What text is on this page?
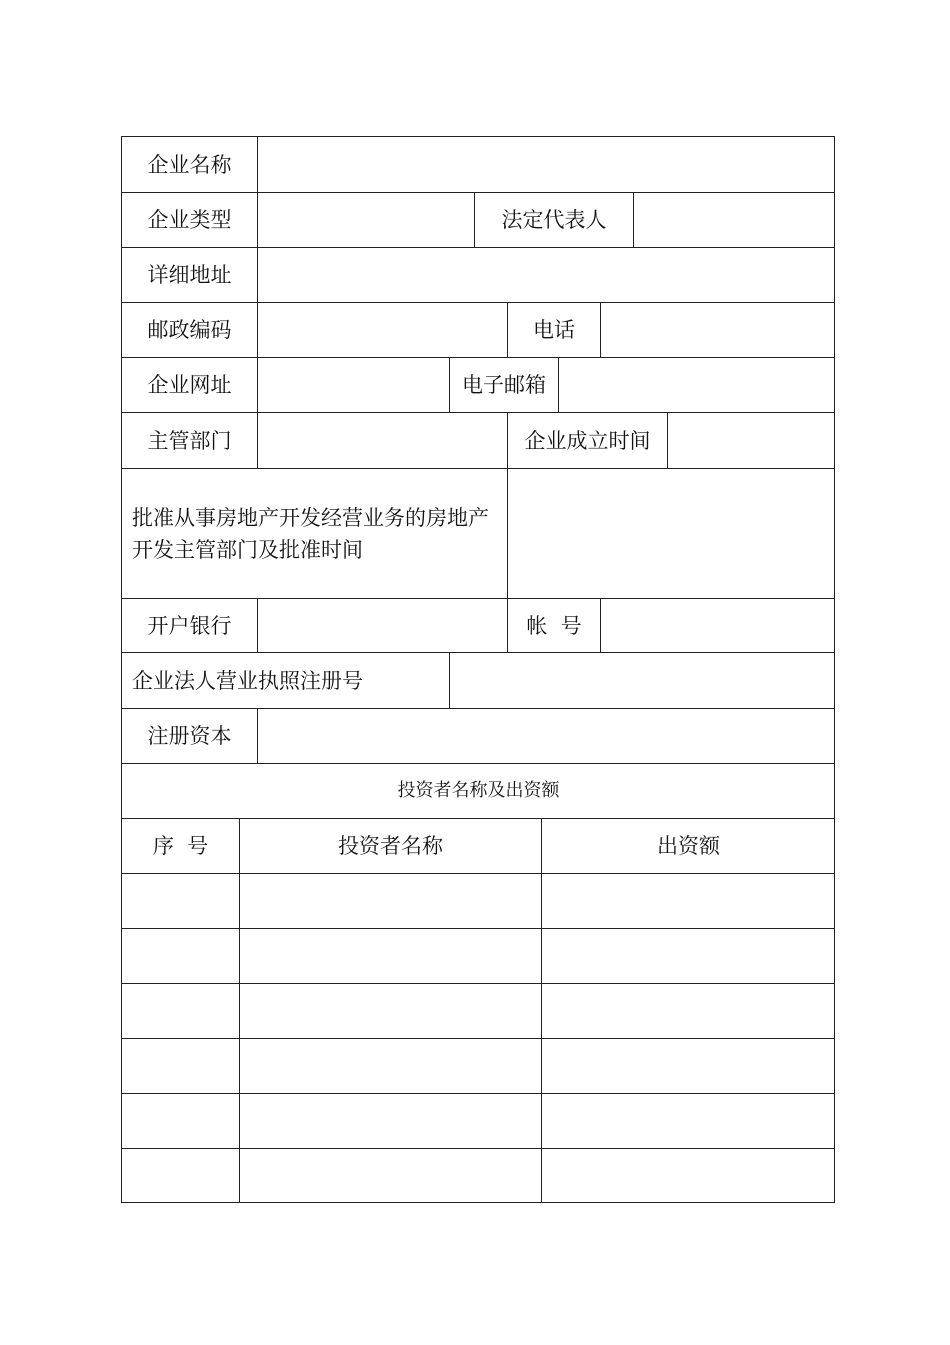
企业名称
企业类型	法定代表人
详细地址
邮政编码	电话
企业网址	电子邮箱
主管部门	企业成立时间
批准从事房地产开发经营业务的房地产开发主管部门及批准时间
开户银行	帐  号
企业法人营业执照注册号
注册资本
投资者名称及出资额
序  号	投资者名称	出资额
